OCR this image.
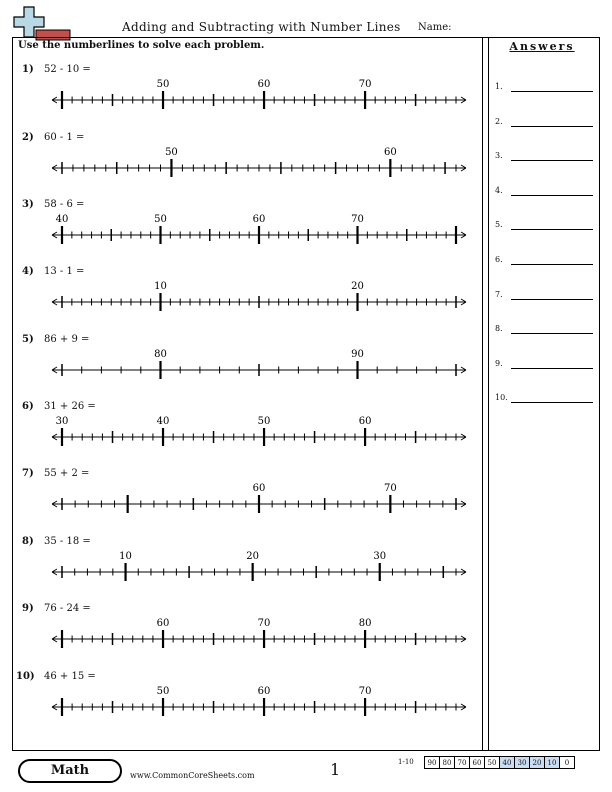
Adding and Subtracting with Number Lines Name:
Use the numberlines to solve each problem.	Answers
1) 52 - 10 =
50	60	70
2) 60 - 1 =
50	60
3) 58 - 6 =
40	50	60	70
4) 13 - 1 =
10	20
5) 86 + 9 =
80	90
6) 31 + 26 =
30	40	50	60
7) 55 + 2 =
60	70
8) 35 - 18 =
10	20	30
9) 76 - 24 =
60	70	80
10) 46 + 15 =
50	60	70
1.
2.
3.
4.
5.
6.
7.
8.
9.
10.
Math	www.CommonCoreSheets.com	1	1-10 90	80	70	60	50	40	30	20	10	0
